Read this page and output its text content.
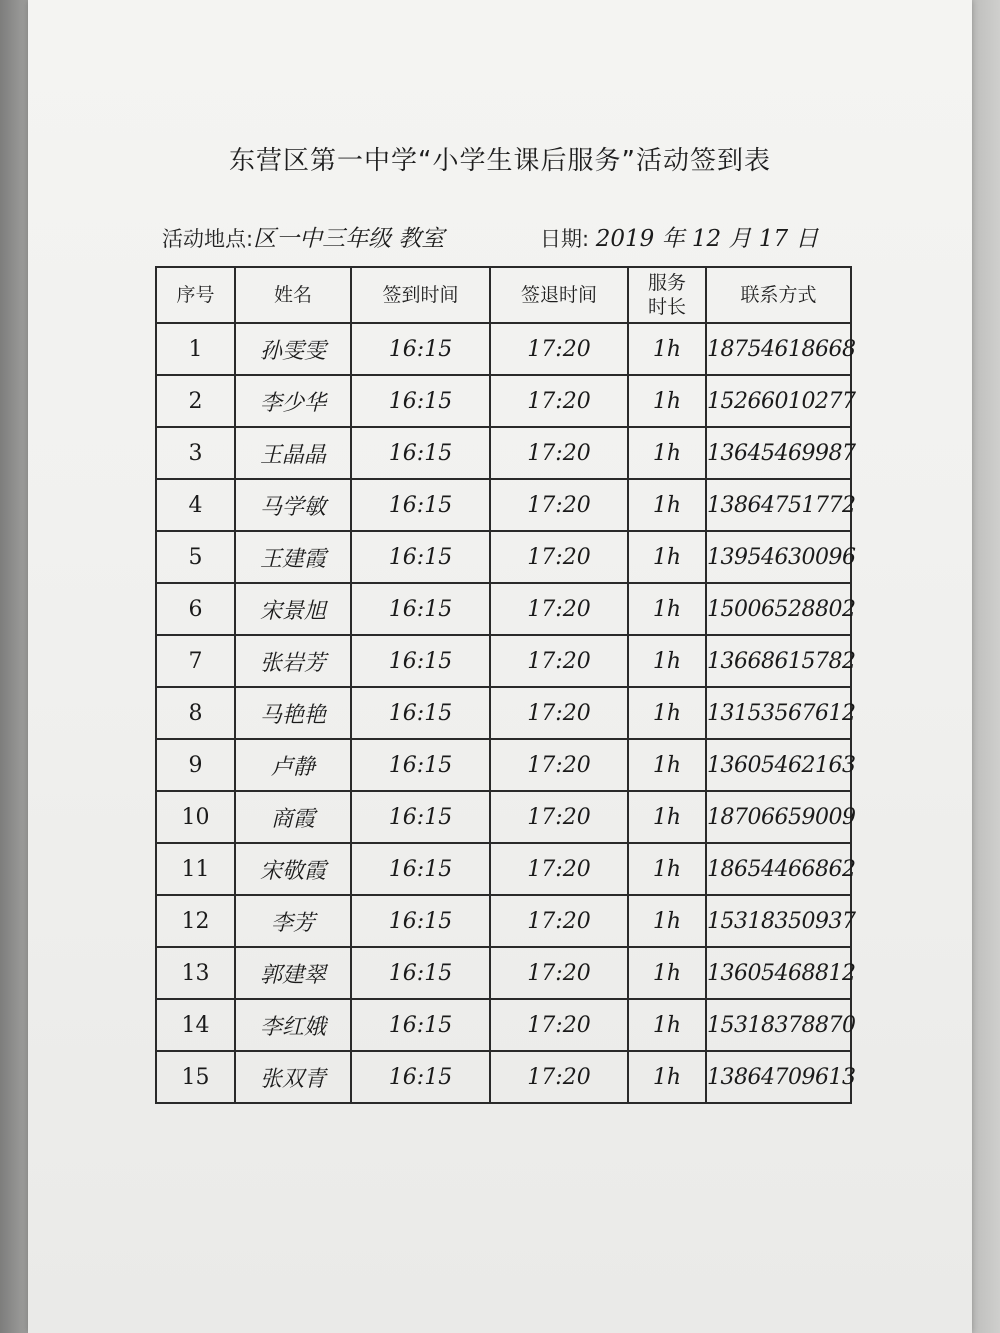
东营区第一中学“小学生课后服务”活动签到表
活动地点:区一中三年级 教室	日期: 2019 年 12 月 17 日
序号	姓名	签到时间	签退时间	服务时长	联系方式
1	孙雯雯	16:15	17:20	1h	18754618668
2	李少华	16:15	17:20	1h	15266010277
3	王晶晶	16:15	17:20	1h	13645469987
4	马学敏	16:15	17:20	1h	13864751772
5	王建霞	16:15	17:20	1h	13954630096
6	宋景旭	16:15	17:20	1h	15006528802
7	张岩芳	16:15	17:20	1h	13668615782
8	马艳艳	16:15	17:20	1h	13153567612
9	卢静	16:15	17:20	1h	13605462163
10	商霞	16:15	17:20	1h	18706659009
11	宋敬霞	16:15	17:20	1h	18654466862
12	李芳	16:15	17:20	1h	15318350937
13	郭建翠	16:15	17:20	1h	13605468812
14	李红娥	16:15	17:20	1h	15318378870
15	张双青	16:15	17:20	1h	13864709613
